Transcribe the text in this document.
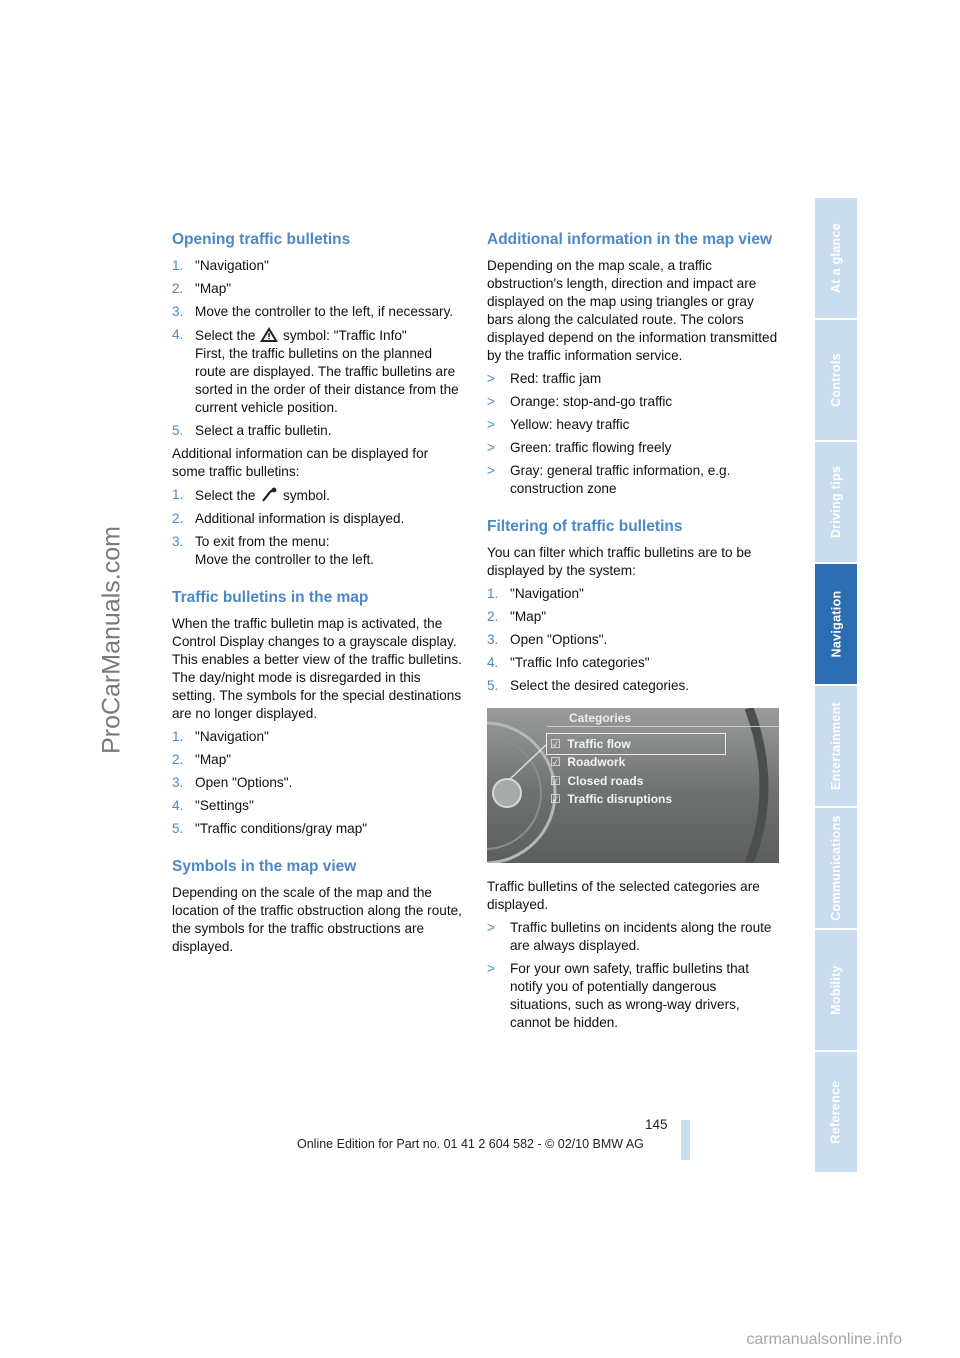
ProCarManuals.com
Opening traffic bulletins
1. "Navigation"
2. "Map"
3. Move the controller to the left, if necessary.
4. Select the symbol: "Traffic Info"
First, the traffic bulletins on the planned route are displayed. The traffic bulletins are sorted in the order of their distance from the current vehicle position.
5. Select a traffic bulletin.

Additional information can be displayed for some traffic bulletins:

1. Select the symbol.
2. Additional information is displayed.
3. To exit from the menu:
Move the controller to the left.
Traffic bulletins in the map

When the traffic bulletin map is activated, the Control Display changes to a grayscale display. This enables a better view of the traffic bulletins. The day/night mode is disregarded in this setting. The symbols for the special destinations are no longer displayed.

1. "Navigation"
2. "Map"
3. Open "Options".
4. "Settings"
5. "Traffic conditions/gray map"
Symbols in the map view

Depending on the scale of the map and the location of the traffic obstruction along the route, the symbols for the traffic obstructions are displayed.

Additional information in the map view

Depending on the map scale, a traffic obstruction's length, direction and impact are displayed on the map using triangles or gray bars along the calculated route. The colors displayed depend on the information transmitted by the traffic information service.

> Red: traffic jam
> Orange: stop-and-go traffic
> Yellow: heavy traffic
> Green: traffic flowing freely
> Gray: general traffic information, e.g. construction zone
Filtering of traffic bulletins

You can filter which traffic bulletins are to be displayed by the system:

1. "Navigation"
2. "Map"
3. Open "Options".
4. "Traffic Info categories"
5. Select the desired categories.
Categories
☑ Traffic flow
☑ Roadwork
☑ Closed roads
☑ Traffic disruptions

Traffic bulletins of the selected categories are displayed.

> Traffic bulletins on incidents along the route are always displayed.
> For your own safety, traffic bulletins that notify you of potentially dangerous situations, such as wrong-way drivers, cannot be hidden.
At a glance
Controls
Driving tips
Navigation
Entertainment
Communications
Mobility
Reference
145
Online Edition for Part no. 01 41 2 604 582 - © 02/10 BMW AG
carmanualsonline.info
